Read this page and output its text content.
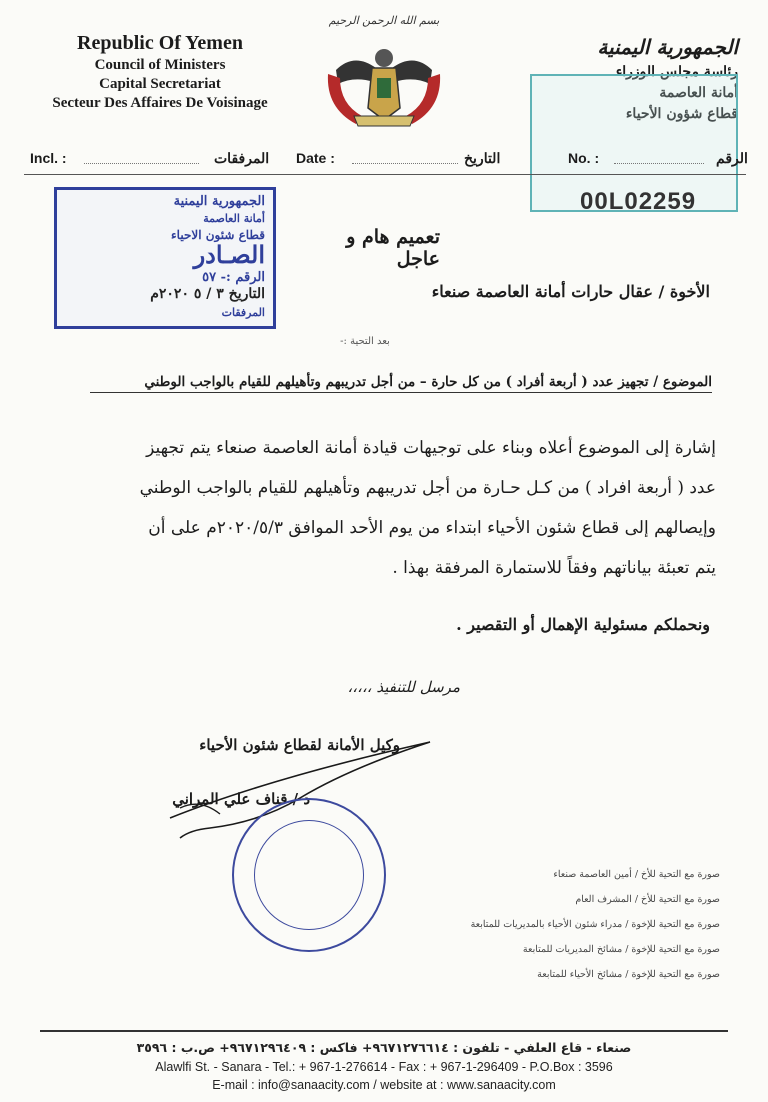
Republic Of Yemen
Council of Ministers
Capital Secretariat
Secteur Des Affaires De Voisinage
بسم الله الرحمن الرحيم
الجمهورية اليمنية
رئاسة مجلس الوزراء
أمانة العاصمة
قطاع شؤون الأحياء
Incl. :	المرفقات Date :	التاريخ	No. :	الرقم
00L02259
الجمهورية اليمنية
أمانة العاصمة
قطاع شئون الاحياء
الصـادر
الرقم :- ٥٧
التاريخ ٣ / ٥ ٢٠٢٠م
المرفقات
تعميم هام و عاجل
الأخوة / عقال حارات أمانة العاصمة صنعاء
بعد التحية :-
الموضوع / تجهيز عدد ( أربعة أفراد ) من كل حارة – من أجل تدريبهم وتأهيلهم للقيام بالواجب الوطني
إشارة إلى الموضوع أعلاه وبناء على توجيهات قيادة أمانة العاصمة صنعاء يتم تجهيز
عدد ( أربعة افراد ) من كـل حـارة من أجل تدريبهم وتأهيلهم للقيام بالواجب الوطني
وإيصالهم إلى قطاع شئون الأحياء ابتداء من يوم الأحد الموافق ٢٠٢٠/٥/٣م على أن
يتم تعبئة بياناتهم وفقاً للاستمارة المرفقة بهذا .
ونحملكم مسئولية الإهمال أو التقصير .
مرسل للتنفيذ ،،،،،
وكيل الأمانة لقطاع شئون الأحياء
د / قناف علي المراني
صورة مع التحية للأخ / أمين العاصمة صنعاء
صورة مع التحية للأخ / المشرف العام
صورة مع التحية للإخوة / مدراء شئون الأحياء بالمديريات للمتابعة
صورة مع التحية للإخوة / مشائخ المديريات للمتابعة
صورة مع التحية للإخوة / مشائخ الأحياء للمتابعة
صنعاء - قاع العلفي - تلفون : ٩٦٧١٢٧٦٦١٤+ فاكس : ٩٦٧١٢٩٦٤٠٩+ ص.ب : ٣٥٩٦
Alawlfi St. - Sanara - Tel.: + 967-1-276614 - Fax : + 967-1-296409 - P.O.Box : 3596
E-mail : info@sanaacity.com / website at : www.sanaacity.com
